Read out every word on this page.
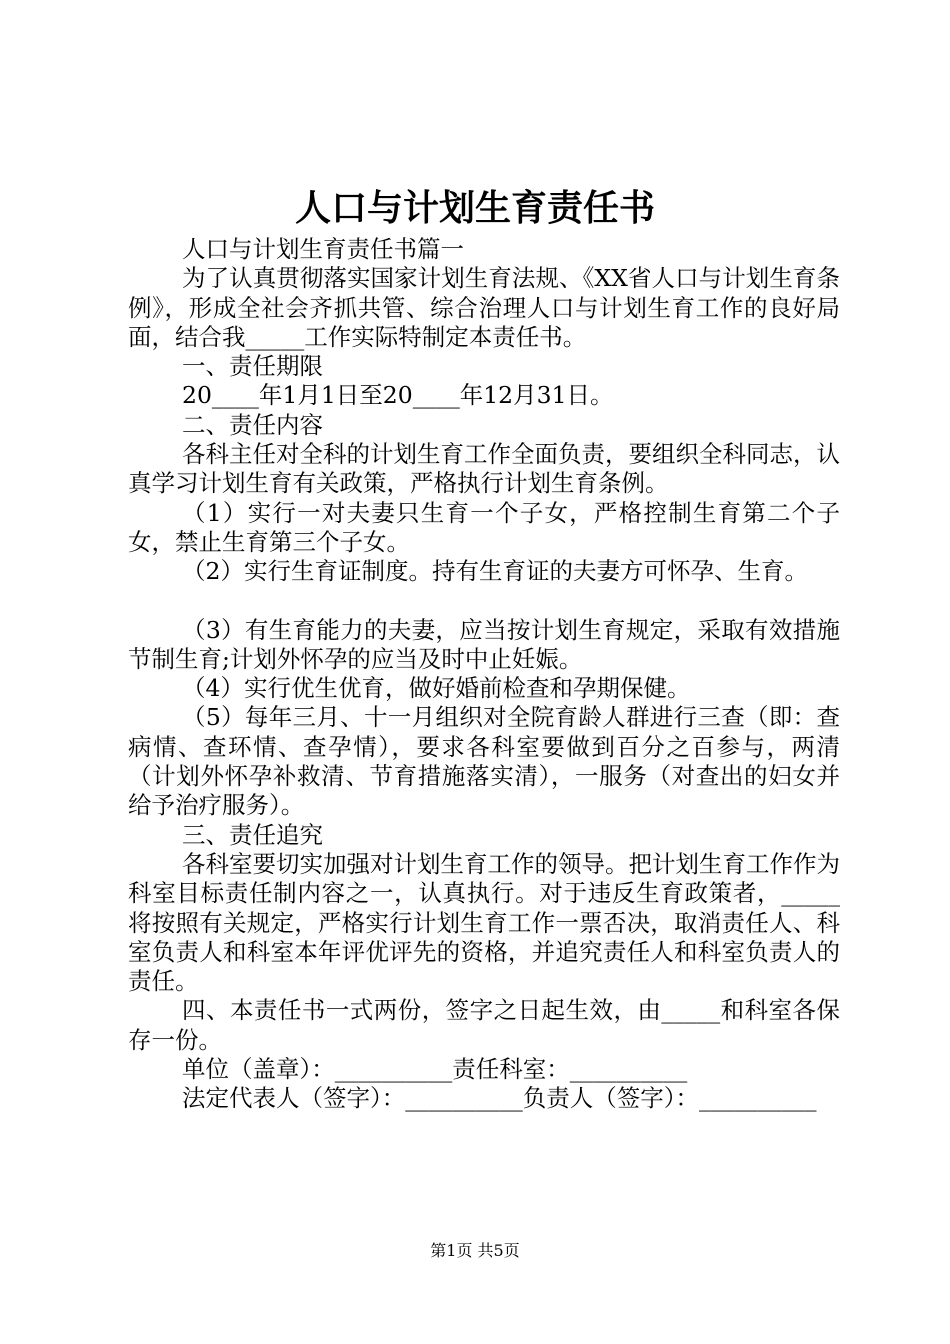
人口与计划生育责任书

人口与计划生育责任书篇一

为了认真贯彻落实国家计划生育法规、《XX省人口与计划生育条例》，形成全社会齐抓共管、综合治理人口与计划生育工作的良好局面，结合我_____工作实际特制定本责任书。

一、责任期限

20____年1月1日至20____年12月31日。

二、责任内容

各科主任对全科的计划生育工作全面负责，要组织全科同志，认真学习计划生育有关政策，严格执行计划生育条例。

（1）实行一对夫妻只生育一个子女，严格控制生育第二个子女，禁止生育第三个子女。

（2）实行生育证制度。持有生育证的夫妻方可怀孕、生育。

（3）有生育能力的夫妻，应当按计划生育规定，采取有效措施节制生育;计划外怀孕的应当及时中止妊娠。

（4）实行优生优育，做好婚前检查和孕期保健。

（5）每年三月、十一月组织对全院育龄人群进行三查（即：查病情、查环情、查孕情），要求各科室要做到百分之百参与，两清（计划外怀孕补救清、节育措施落实清），一服务（对查出的妇女并给予治疗服务）。

三、责任追究

各科室要切实加强对计划生育工作的领导。把计划生育工作作为科室目标责任制内容之一，认真执行。对于违反生育政策者，_____将按照有关规定，严格实行计划生育工作一票否决，取消责任人、科室负责人和科室本年评优评先的资格，并追究责任人和科室负责人的责任。

四、本责任书一式两份，签字之日起生效，由_____和科室各保存一份。

单位（盖章）：__________责任科室：__________

法定代表人（签字）：__________负责人（签字）：__________

第1页 共5页
